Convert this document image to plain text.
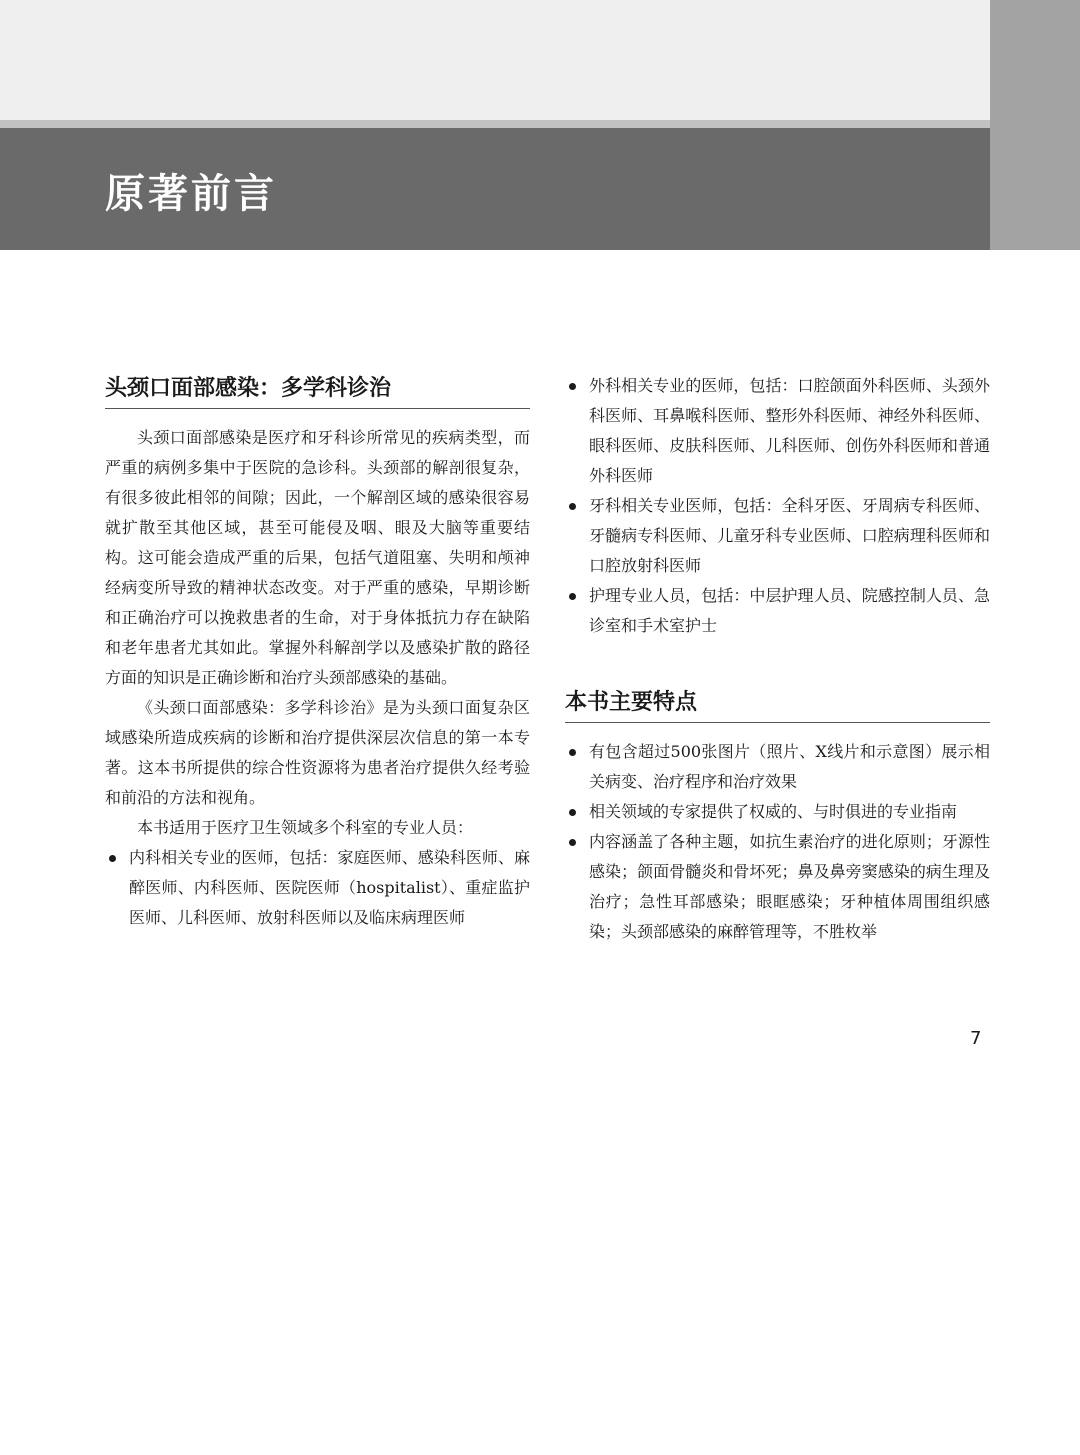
原著前言
头颈口面部感染：多学科诊治

头颈口面部感染是医疗和牙科诊所常见的疾病类型，而严重的病例多集中于医院的急诊科。头颈部的解剖很复杂，有很多彼此相邻的间隙；因此，一个解剖区域的感染很容易就扩散至其他区域，甚至可能侵及咽、眼及大脑等重要结构。这可能会造成严重的后果，包括气道阻塞、失明和颅神经病变所导致的精神状态改变。对于严重的感染，早期诊断和正确治疗可以挽救患者的生命，对于身体抵抗力存在缺陷和老年患者尤其如此。掌握外科解剖学以及感染扩散的路径方面的知识是正确诊断和治疗头颈部感染的基础。

《头颈口面部感染：多学科诊治》是为头颈口面复杂区域感染所造成疾病的诊断和治疗提供深层次信息的第一本专著。这本书所提供的综合性资源将为患者治疗提供久经考验和前沿的方法和视角。

本书适用于医疗卫生领域多个科室的专业人员：

内科相关专业的医师，包括：家庭医师、感染科医师、麻醉医师、内科医师、医院医师（hospitalist）、重症监护医师、儿科医师、放射科医师以及临床病理医师
外科相关专业的医师，包括：口腔颌面外科医师、头颈外科医师、耳鼻喉科医师、整形外科医师、神经外科医师、眼科医师、皮肤科医师、儿科医师、创伤外科医师和普通外科医师
牙科相关专业医师，包括：全科牙医、牙周病专科医师、牙髓病专科医师、儿童牙科专业医师、口腔病理科医师和口腔放射科医师
护理专业人员，包括：中层护理人员、院感控制人员、急诊室和手术室护士
本书主要特点
有包含超过500张图片（照片、X线片和示意图）展示相关病变、治疗程序和治疗效果
相关领域的专家提供了权威的、与时俱进的专业指南
内容涵盖了各种主题，如抗生素治疗的进化原则；牙源性感染；颌面骨髓炎和骨坏死；鼻及鼻旁窦感染的病生理及治疗；急性耳部感染；眼眶感染；牙种植体周围组织感染；头颈部感染的麻醉管理等，不胜枚举
7
